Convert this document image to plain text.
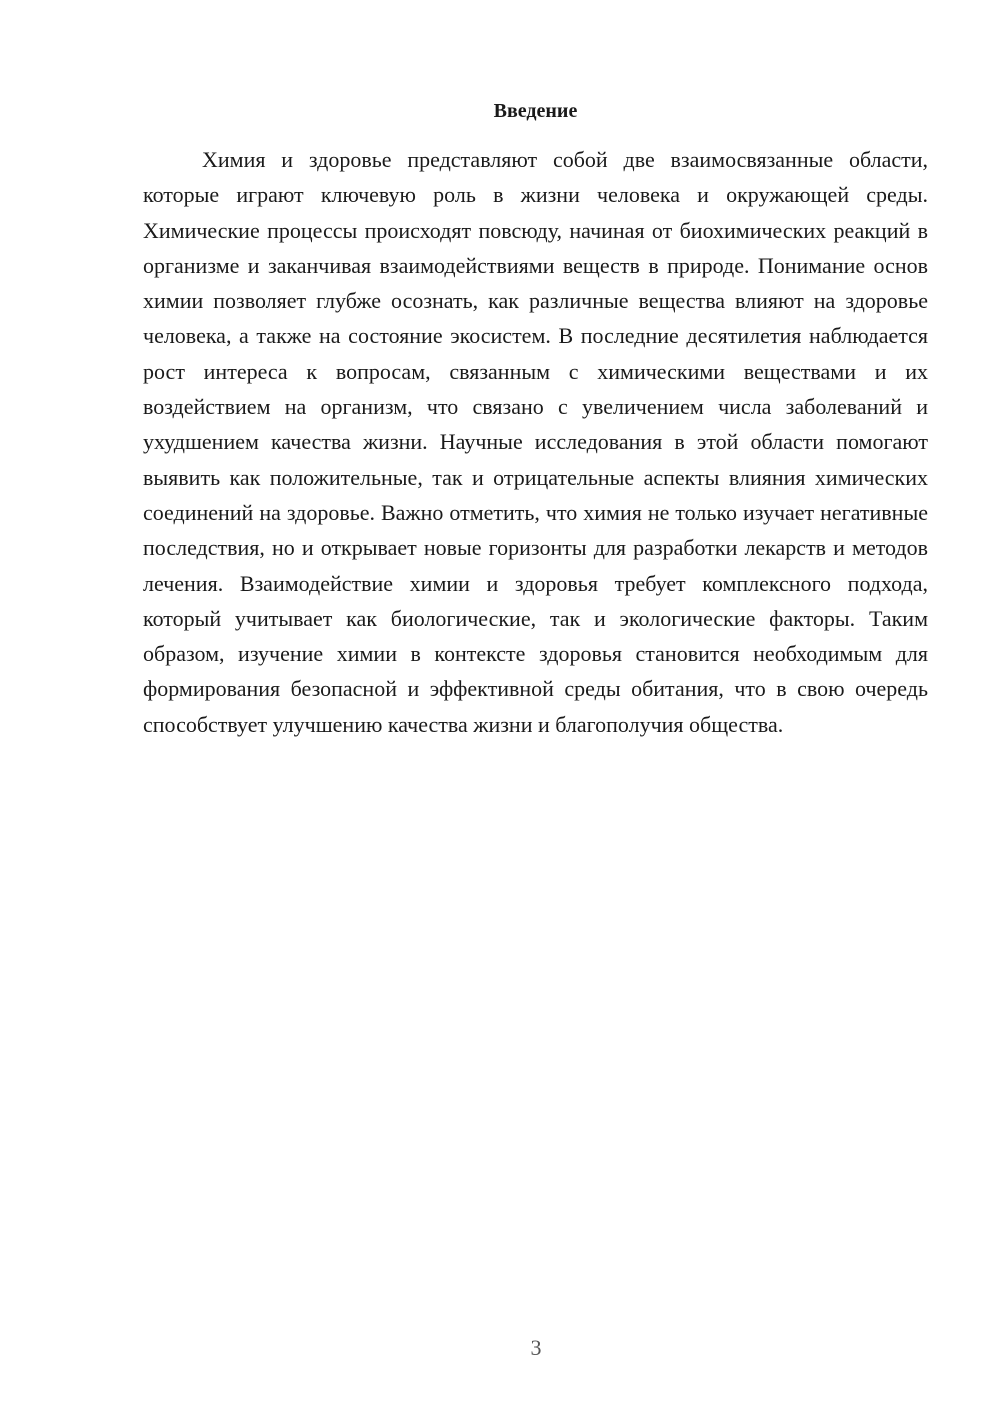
Введение

Химия и здоровье представляют собой две взаимосвязанные области, которые играют ключевую роль в жизни человека и окружающей среды. Химические процессы происходят повсюду, начиная от биохимических реакций в организме и заканчивая взаимодействиями веществ в природе. Понимание основ химии позволяет глубже осознать, как различные вещества влияют на здоровье человека, а также на состояние экосистем. В последние десятилетия наблюдается рост интереса к вопросам, связанным с химическими веществами и их воздействием на организм, что связано с увеличением числа заболеваний и ухудшением качества жизни. Научные исследования в этой области помогают выявить как положительные, так и отрицательные аспекты влияния химических соединений на здоровье. Важно отметить, что химия не только изучает негативные последствия, но и открывает новые горизонты для разработки лекарств и методов лечения. Взаимодействие химии и здоровья требует комплексного подхода, который учитывает как биологические, так и экологические факторы. Таким образом, изучение химии в контексте здоровья становится необходимым для формирования безопасной и эффективной среды обитания, что в свою очередь способствует улучшению качества жизни и благополучия общества.

3
